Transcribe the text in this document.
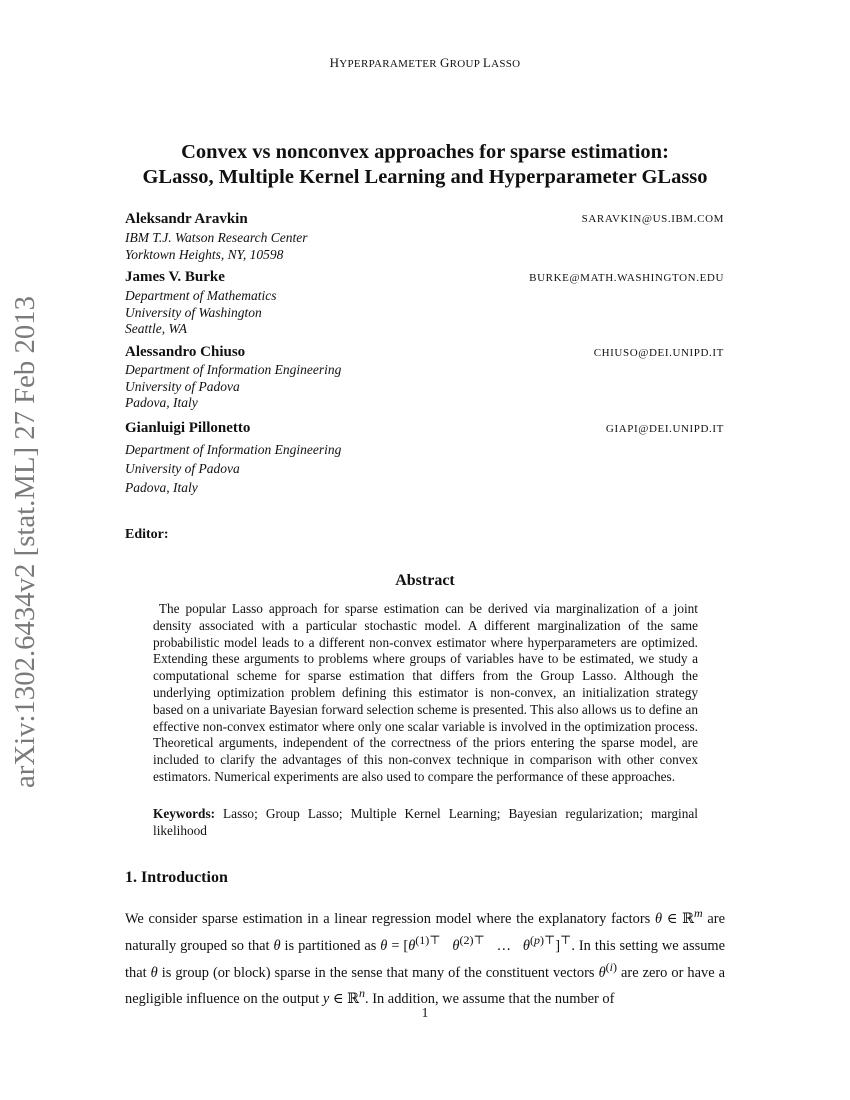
HYPERPARAMETER GROUP LASSO
arXiv:1302.6434v2 [stat.ML] 27 Feb 2013
Convex vs nonconvex approaches for sparse estimation:
GLasso, Multiple Kernel Learning and Hyperparameter GLasso
Aleksandr Aravkin	SARAVKIN@US.IBM.COM
IBM T.J. Watson Research Center
Yorktown Heights, NY, 10598
James V. Burke	BURKE@MATH.WASHINGTON.EDU
Department of Mathematics
University of Washington
Seattle, WA
Alessandro Chiuso	CHIUSO@DEI.UNIPD.IT
Department of Information Engineering
University of Padova
Padova, Italy
Gianluigi Pillonetto	GIAPI@DEI.UNIPD.IT
Department of Information Engineering
University of Padova
Padova, Italy
Editor:
Abstract
The popular Lasso approach for sparse estimation can be derived via marginalization of a joint density associated with a particular stochastic model. A different marginalization of the same probabilistic model leads to a different non-convex estimator where hyperparameters are optimized. Extending these arguments to problems where groups of variables have to be estimated, we study a computational scheme for sparse estimation that differs from the Group Lasso. Although the underlying optimization problem defining this estimator is non-convex, an initialization strategy based on a univariate Bayesian forward selection scheme is presented. This also allows us to define an effective non-convex estimator where only one scalar variable is involved in the optimization process. Theoretical arguments, independent of the correctness of the priors entering the sparse model, are included to clarify the advantages of this non-convex technique in comparison with other convex estimators. Numerical experiments are also used to compare the performance of these approaches.
Keywords: Lasso; Group Lasso; Multiple Kernel Learning; Bayesian regularization; marginal likelihood
1. Introduction
We consider sparse estimation in a linear regression model where the explanatory factors θ ∈ ℝ$^m$ are naturally grouped so that θ is partitioned as $\theta = [\theta^{(1)⊤}$ $\theta^{(2)⊤}$   …   $\theta^{(p)⊤}]^⊤$. In this setting we assume that θ is group (or block) sparse in the sense that many of the constituent vectors $\theta^{(i)}$ are zero or have a negligible influence on the output y ∈ ℝ$^n$. In addition, we assume that the number of
1
